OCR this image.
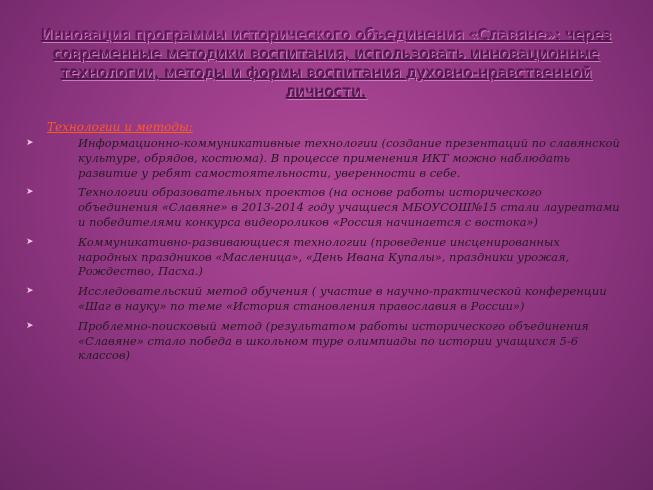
Инновация программы исторического объединения «Славяне»: через современные методики воспитания, использовать инновационные технологии, методы и формы воспитания духовно-нравственной личности.
Технологии и методы:
➤	Информационно-коммуникативные технологии (создание презентаций по славянской культуре, обрядов, костюма). В процессе применения ИКТ можно наблюдать развитие у ребят самостоятельности, уверенности в себе.
➤	Технологии образовательных проектов (на основе работы исторического объединения «Славяне» в 2013-2014 году учащиеся МБОУСОШ№15 стали лауреатами и победителями конкурса видеороликов «Россия начинается с востока»)
➤	Коммуникативно-развивающиеся технологии (проведение инсценированных народных праздников «Масленица», «День Ивана Купалы», праздники урожая, Рождество, Пасха.)
➤	Исследовательский метод обучения ( участие в научно-практической конференции «Шаг в науку» по теме «История становления православия в России»)
➤	Проблемно-поисковый метод (результатом работы исторического объединения «Славяне» стало победа в школьном туре олимпиады по истории учащихся 5-6 классов)
